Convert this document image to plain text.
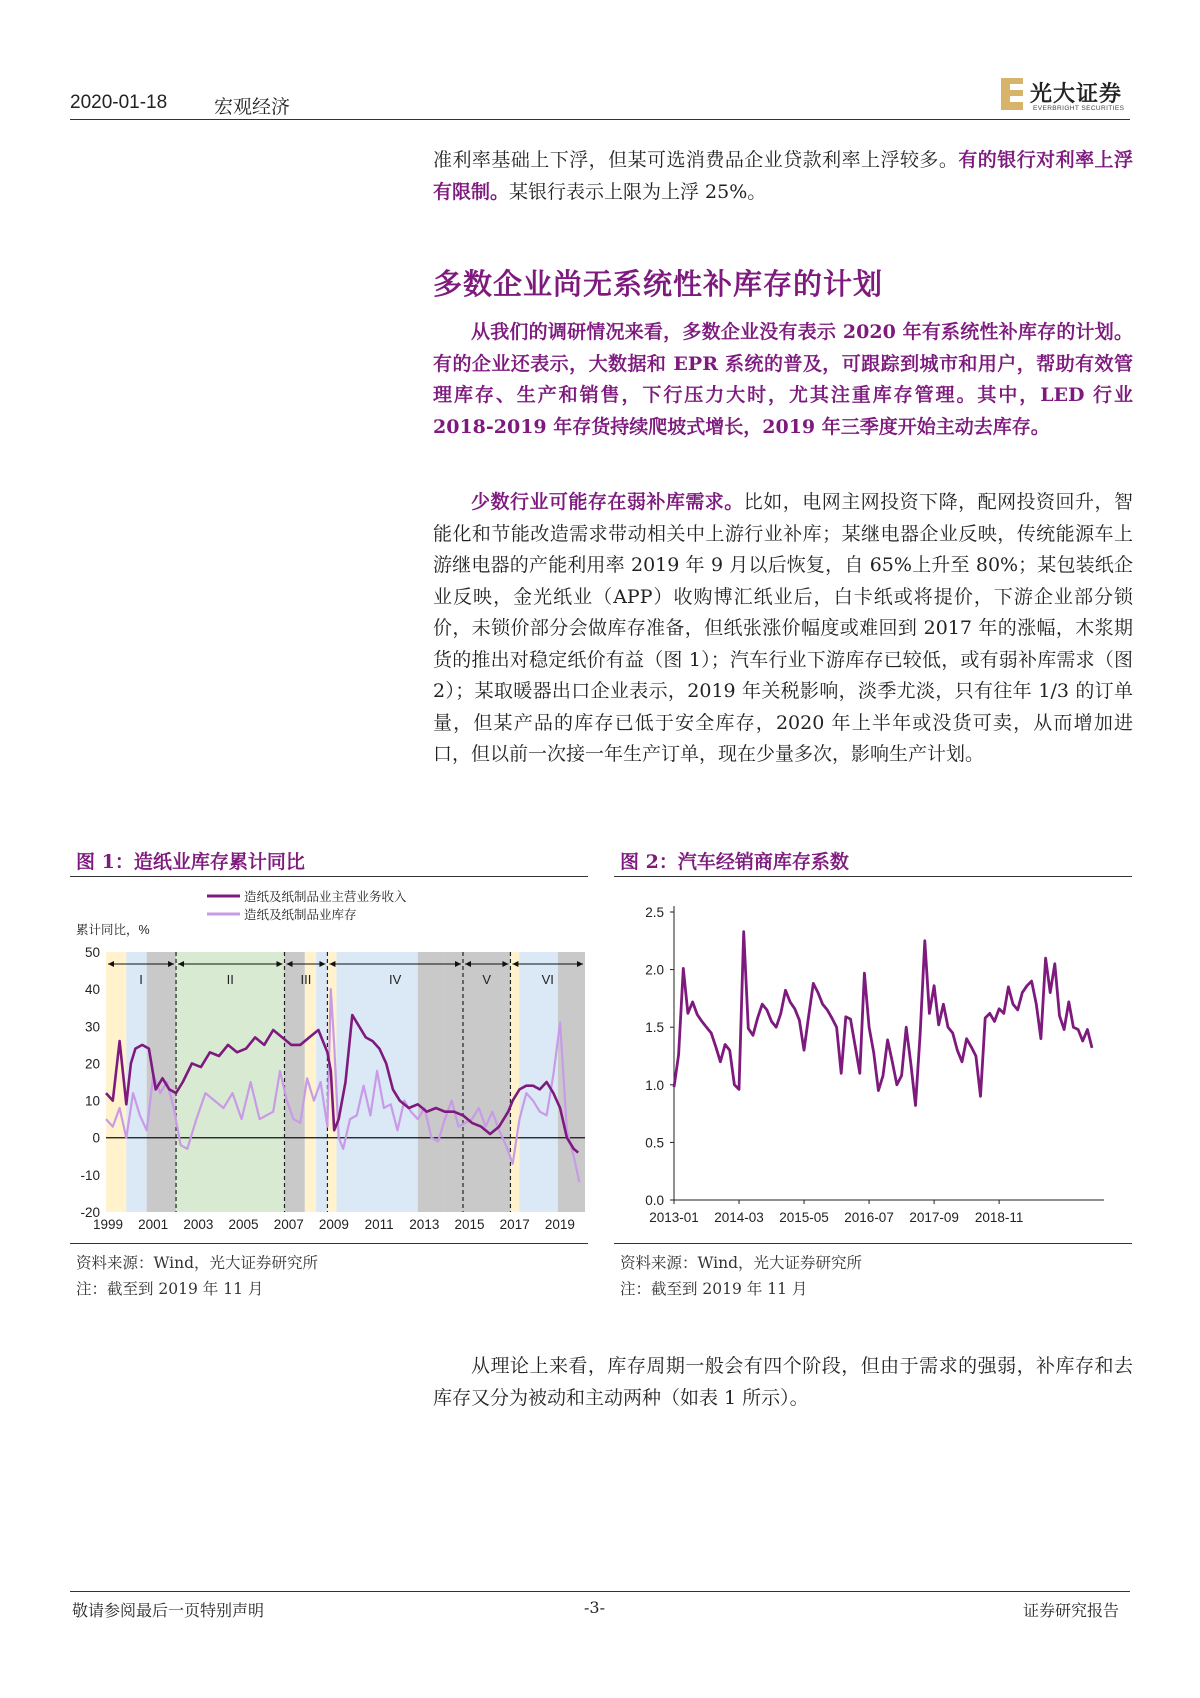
2020-01-18 宏观经济
光大证券
EVERBRIGHT SECURITIES
准利率基础上下浮，但某可选消费品企业贷款利率上浮较多。有的银行对利率上浮有限制。某银行表示上限为上浮 25%。
多数企业尚无系统性补库存的计划
从我们的调研情况来看，多数企业没有表示 2020 年有系统性补库存的计划。有的企业还表示，大数据和 EPR 系统的普及，可跟踪到城市和用户，帮助有效管理库存、生产和销售，下行压力大时，尤其注重库存管理。其中，LED 行业 2018-2019 年存货持续爬坡式增长，2019 年三季度开始主动去库存。
少数行业可能存在弱补库需求。比如，电网主网投资下降，配网投资回升，智能化和节能改造需求带动相关中上游行业补库；某继电器企业反映，传统能源车上游继电器的产能利用率 2019 年 9 月以后恢复，自 65%上升至 80%；某包装纸企业反映，金光纸业（APP）收购博汇纸业后，白卡纸或将提价，下游企业部分锁价，未锁价部分会做库存准备，但纸张涨价幅度或难回到 2017 年的涨幅，木浆期货的推出对稳定纸价有益（图 1）；汽车行业下游库存已较低，或有弱补库需求（图 2）；某取暖器出口企业表示，2019 年关税影响，淡季尤淡，只有往年 1/3 的订单量，但某产品的库存已低于安全库存，2020 年上半年或没货可卖，从而增加进口，但以前一次接一年生产订单，现在少量多次，影响生产计划。
图 1：造纸业库存累计同比
I	II	III	IV	V	VI
50
40
30
20
10
0
-10
-20
1999 2001 2003 2005 2007 2009 2011 2013 2015 2017 2019
累计同比，%
造纸及纸制品业主营业务收入
造纸及纸制品业库存
资料来源：Wind，光大证券研究所
注：截至到 2019 年 11 月
图 2：汽车经销商库存系数
2.5
2.0
1.5
1.0
0.5
0.0
2013-01 2014-03 2015-05 2016-07 2017-09 2018-11
资料来源：Wind，光大证券研究所
注：截至到 2019 年 11 月
从理论上来看，库存周期一般会有四个阶段，但由于需求的强弱，补库存和去库存又分为被动和主动两种（如表 1 所示）。
敬请参阅最后一页特别声明	-3-	证券研究报告
